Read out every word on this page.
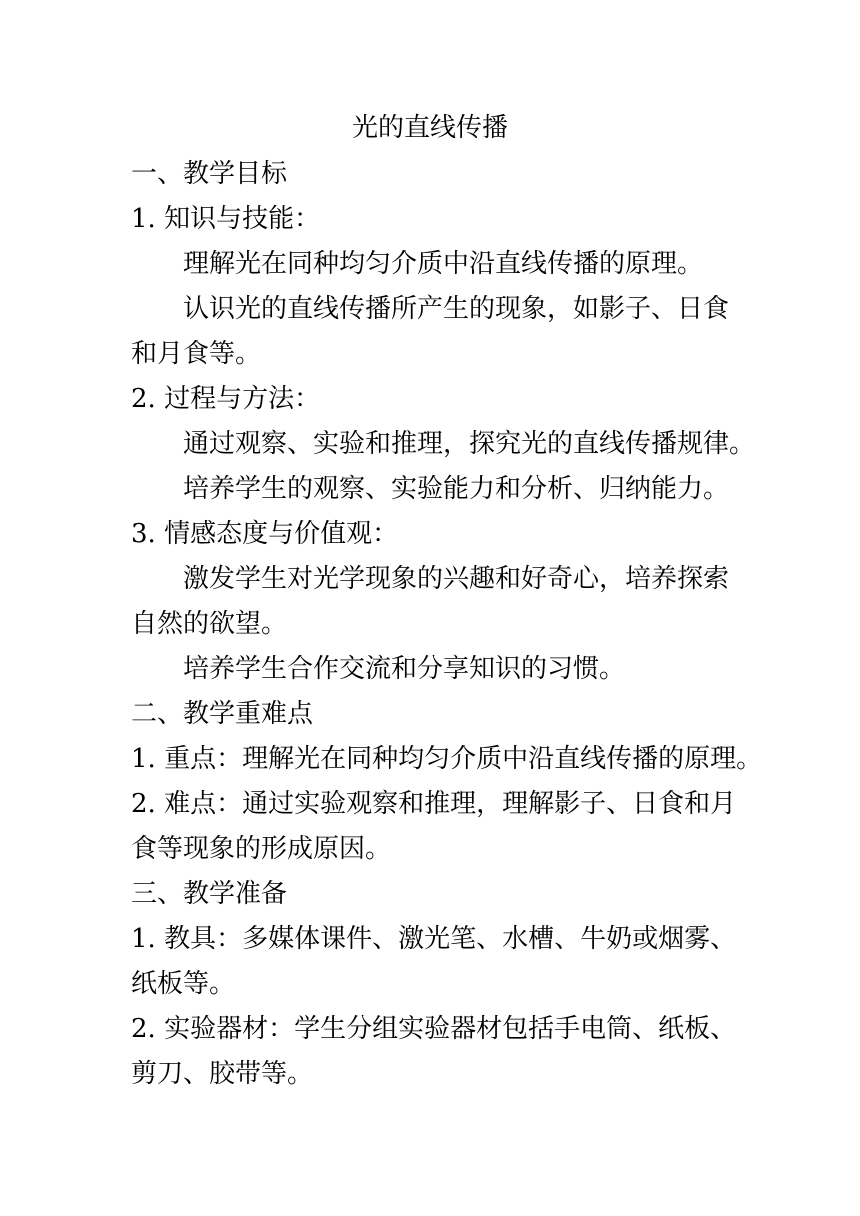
光的直线传播
一、教学目标
1. 知识与技能：
理解光在同种均匀介质中沿直线传播的原理。
认识光的直线传播所产生的现象，如影子、日食
和月食等。
2. 过程与方法：
通过观察、实验和推理，探究光的直线传播规律。
培养学生的观察、实验能力和分析、归纳能力。
3. 情感态度与价值观：
激发学生对光学现象的兴趣和好奇心，培养探索
自然的欲望。
培养学生合作交流和分享知识的习惯。
二、教学重难点
1. 重点：理解光在同种均匀介质中沿直线传播的原理。
2. 难点：通过实验观察和推理，理解影子、日食和月
食等现象的形成原因。
三、教学准备
1. 教具：多媒体课件、激光笔、水槽、牛奶或烟雾、
纸板等。
2. 实验器材：学生分组实验器材包括手电筒、纸板、
剪刀、胶带等。
